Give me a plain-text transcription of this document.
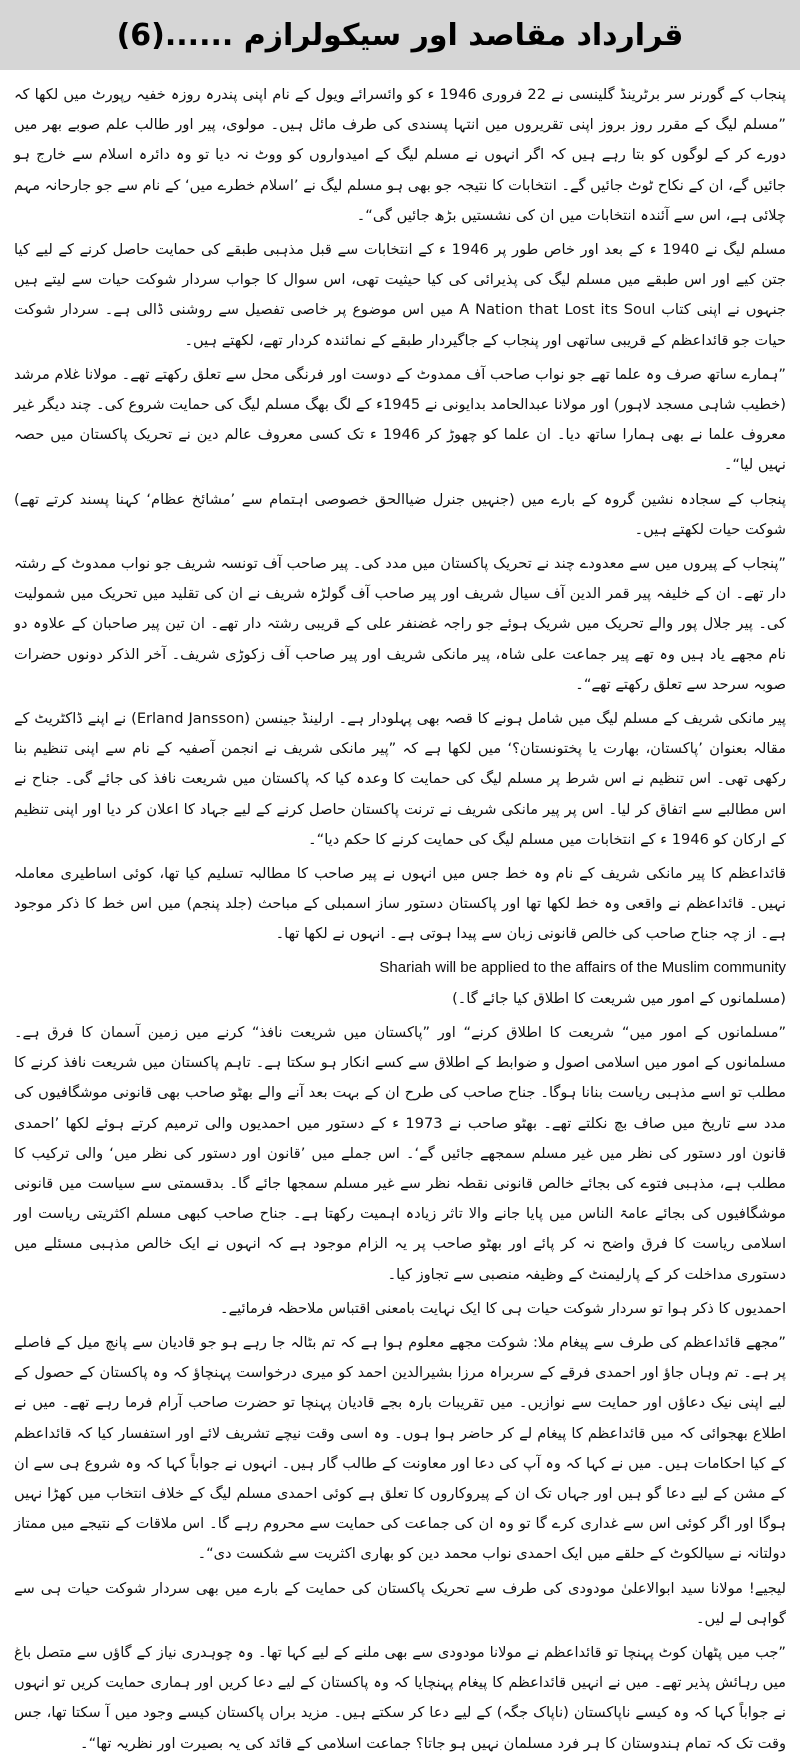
قرارداد مقاصد اور سیکولرازم ......(6)

پنجاب کے گورنر سر برٹرینڈ گلینسی نے 22 فروری 1946 ء کو وائسرائے ویول کے نام اپنی پندرہ روزہ خفیہ رپورٹ میں لکھا کہ ”مسلم لیگ کے مقرر روز بروز اپنی تقریروں میں انتہا پسندی کی طرف مائل ہیں۔ مولوی، پیر اور طالب علم صوبے بھر میں دورے کر کے لوگوں کو بتا رہے ہیں کہ اگر انہوں نے مسلم لیگ کے امیدواروں کو ووٹ نہ دیا تو وہ دائرہ اسلام سے خارج ہو جائیں گے، ان کے نکاح ٹوٹ جائیں گے۔ انتخابات کا نتیجہ جو بھی ہو مسلم لیگ نے ’اسلام خطرے میں‘ کے نام سے جو جارحانہ مہم چلائی ہے، اس سے آئندہ انتخابات میں ان کی نشستیں بڑھ جائیں گی“۔

مسلم لیگ نے 1940 ء کے بعد اور خاص طور پر 1946 ء کے انتخابات سے قبل مذہبی طبقے کی حمایت حاصل کرنے کے لیے کیا جتن کیے اور اس طبقے میں مسلم لیگ کی پذیرائی کی کیا حیثیت تھی، اس سوال کا جواب سردار شوکت حیات سے لیتے ہیں جنہوں نے اپنی کتاب A Nation that Lost its Soul میں اس موضوع پر خاصی تفصیل سے روشنی ڈالی ہے۔ سردار شوکت حیات جو قائداعظم کے قریبی ساتھی اور پنجاب کے جاگیردار طبقے کے نمائندہ کردار تھے، لکھتے ہیں۔

”ہمارے ساتھ صرف وہ علما تھے جو نواب صاحب آف ممدوٹ کے دوست اور فرنگی محل سے تعلق رکھتے تھے۔ مولانا غلام مرشد (خطیب شاہی مسجد لاہور) اور مولانا عبدالحامد بدایونی نے 1945ء کے لگ بھگ مسلم لیگ کی حمایت شروع کی۔ چند دیگر غیر معروف علما نے بھی ہمارا ساتھ دیا۔ ان علما کو چھوڑ کر 1946 ء تک کسی معروف عالم دین نے تحریک پاکستان میں حصہ نہیں لیا“۔

پنجاب کے سجادہ نشین گروہ کے بارے میں (جنہیں جنرل ضیاالحق خصوصی اہتمام سے ’مشائخ عظام‘ کہنا پسند کرتے تھے) شوکت حیات لکھتے ہیں۔

”پنجاب کے پیروں میں سے معدودے چند نے تحریک پاکستان میں مدد کی۔ پیر صاحب آف تونسہ شریف جو نواب ممدوٹ کے رشتہ دار تھے۔ ان کے خلیفہ پیر قمر الدین آف سیال شریف اور پیر صاحب آف گولڑہ شریف نے ان کی تقلید میں تحریک میں شمولیت کی۔ پیر جلال پور والے تحریک میں شریک ہوئے جو راجہ غضنفر علی کے قریبی رشتہ دار تھے۔ ان تین پیر صاحبان کے علاوہ دو نام مجھے یاد ہیں وہ تھے پیر جماعت علی شاہ، پیر مانکی شریف اور پیر صاحب آف زکوڑی شریف۔ آخر الذکر دونوں حضرات صوبہ سرحد سے تعلق رکھتے تھے“۔

پیر مانکی شریف کے مسلم لیگ میں شامل ہونے کا قصہ بھی پہلودار ہے۔ ارلینڈ جینسن (Erland Jansson) نے اپنے ڈاکٹریٹ کے مقالہ بعنوان ’پاکستان، بھارت یا پختونستان؟‘ میں لکھا ہے کہ ”پیر مانکی شریف نے انجمن آصفیہ کے نام سے اپنی تنظیم بنا رکھی تھی۔ اس تنظیم نے اس شرط پر مسلم لیگ کی حمایت کا وعدہ کیا کہ پاکستان میں شریعت نافذ کی جائے گی۔ جناح نے اس مطالبے سے اتفاق کر لیا۔ اس پر پیر مانکی شریف نے ترنت پاکستان حاصل کرنے کے لیے جہاد کا اعلان کر دیا اور اپنی تنظیم کے ارکان کو 1946 ء کے انتخابات میں مسلم لیگ کی حمایت کرنے کا حکم دیا“۔

قائداعظم کا پیر مانکی شریف کے نام وہ خط جس میں انہوں نے پیر صاحب کا مطالبہ تسلیم کیا تھا، کوئی اساطیری معاملہ نہیں۔ قائداعظم نے واقعی وہ خط لکھا تھا اور پاکستان دستور ساز اسمبلی کے مباحث (جلد پنجم) میں اس خط کا ذکر موجود ہے۔ از چہ جناح صاحب کی خالص قانونی زبان سے پیدا ہوتی ہے۔ انہوں نے لکھا تھا۔

Shariah will be applied to the affairs of the Muslim community

(مسلمانوں کے امور میں شریعت کا اطلاق کیا جائے گا۔)

”مسلمانوں کے امور میں“ شریعت کا اطلاق کرنے“ اور ”پاکستان میں شریعت نافذ“ کرنے میں زمین آسمان کا فرق ہے۔ مسلمانوں کے امور میں اسلامی اصول و ضوابط کے اطلاق سے کسے انکار ہو سکتا ہے۔ تاہم پاکستان میں شریعت نافذ کرنے کا مطلب تو اسے مذہبی ریاست بنانا ہوگا۔ جناح صاحب کی طرح ان کے بہت بعد آنے والے بھٹو صاحب بھی قانونی موشگافیوں کی مدد سے تاریخ میں صاف بچ نکلتے تھے۔ بھٹو صاحب نے 1973 ء کے دستور میں احمدیوں والی ترمیم کرتے ہوئے لکھا ’احمدی قانون اور دستور کی نظر میں غیر مسلم سمجھے جائیں گے‘۔ اس جملے میں ’قانون اور دستور کی نظر میں‘ والی ترکیب کا مطلب ہے، مذہبی فتوے کی بجائے خالص قانونی نقطہ نظر سے غیر مسلم سمجھا جائے گا۔ بدقسمتی سے سیاست میں قانونی موشگافیوں کی بجائے عامۃ الناس میں پایا جانے والا تاثر زیادہ اہمیت رکھتا ہے۔ جناح صاحب کبھی مسلم اکثریتی ریاست اور اسلامی ریاست کا فرق واضح نہ کر پائے اور بھٹو صاحب پر یہ الزام موجود ہے کہ انہوں نے ایک خالص مذہبی مسئلے میں دستوری مداخلت کر کے پارلیمنٹ کے وظیفہ منصبی سے تجاوز کیا۔

احمدیوں کا ذکر ہوا تو سردار شوکت حیات ہی کا ایک نہایت بامعنی اقتباس ملاحظہ فرمائیے۔

”مجھے قائداعظم کی طرف سے پیغام ملا: شوکت مجھے معلوم ہوا ہے کہ تم بٹالہ جا رہے ہو جو قادیان سے پانچ میل کے فاصلے پر ہے۔ تم وہاں جاؤ اور احمدی فرقے کے سربراہ مرزا بشیرالدین احمد کو میری درخواست پہنچاؤ کہ وہ پاکستان کے حصول کے لیے اپنی نیک دعاؤں اور حمایت سے نوازیں۔ میں تقریبات بارہ بجے قادیان پہنچا تو حضرت صاحب آرام فرما رہے تھے۔ میں نے اطلاع بھجوائی کہ میں قائداعظم کا پیغام لے کر حاضر ہوا ہوں۔ وہ اسی وقت نیچے تشریف لائے اور استفسار کیا کہ قائداعظم کے کیا احکامات ہیں۔ میں نے کہا کہ وہ آپ کی دعا اور معاونت کے طالب گار ہیں۔ انہوں نے جواباً کہا کہ وہ شروع ہی سے ان کے مشن کے لیے دعا گو ہیں اور جہاں تک ان کے پیروکاروں کا تعلق ہے کوئی احمدی مسلم لیگ کے خلاف انتخاب میں کھڑا نہیں ہوگا اور اگر کوئی اس سے غداری کرے گا تو وہ ان کی جماعت کی حمایت سے محروم رہے گا۔ اس ملاقات کے نتیجے میں ممتاز دولتانہ نے سیالکوٹ کے حلقے میں ایک احمدی نواب محمد دین کو بھاری اکثریت سے شکست دی“۔

لیجیے! مولانا سید ابوالاعلیٰ مودودی کی طرف سے تحریک پاکستان کی حمایت کے بارے میں بھی سردار شوکت حیات ہی سے گواہی لے لیں۔

”جب میں پٹھان کوٹ پہنچا تو قائداعظم نے مولانا مودودی سے بھی ملنے کے لیے کہا تھا۔ وہ چوہدری نیاز کے گاؤں سے متصل باغ میں رہائش پذیر تھے۔ میں نے انہیں قائداعظم کا پیغام پہنچایا کہ وہ پاکستان کے لیے دعا کریں اور ہماری حمایت کریں تو انہوں نے جواباً کہا کہ وہ کیسے ناپاکستان (ناپاک جگہ) کے لیے دعا کر سکتے ہیں۔ مزید براں پاکستان کیسے وجود میں آ سکتا تھا، جس وقت تک کہ تمام ہندوستان کا ہر فرد مسلمان نہیں ہو جاتا؟ جماعت اسلامی کے قائد کی یہ بصیرت اور نظریہ تھا“۔
